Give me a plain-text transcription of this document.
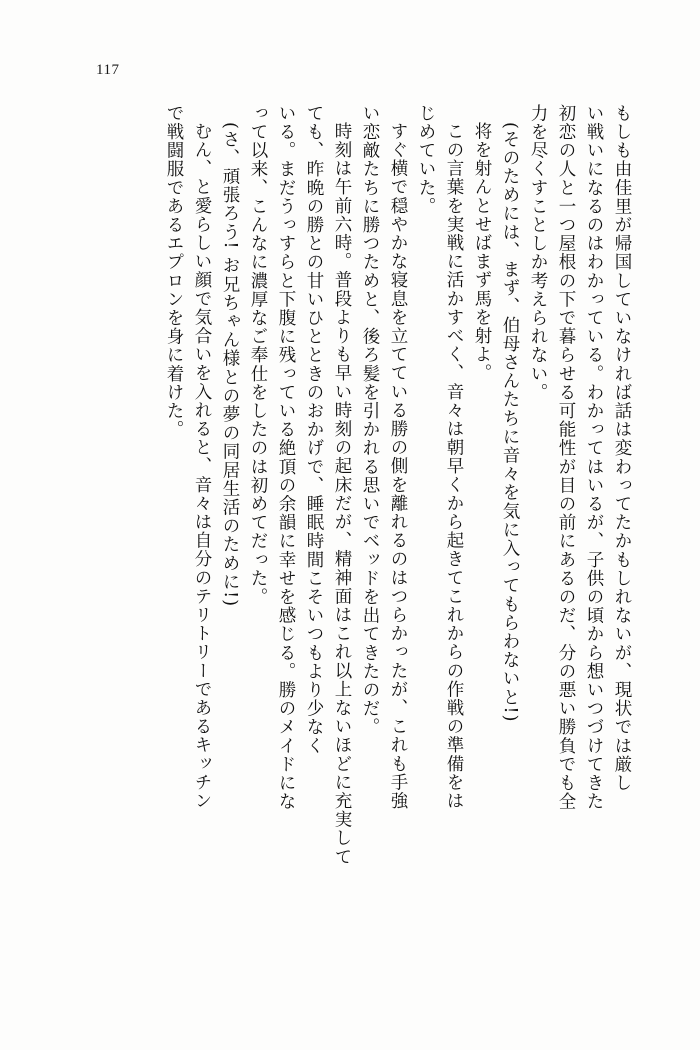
117
もしも由佳里が帰国していなければ話は変わってたかもしれないが、現状では厳し
い戦いになるのはわかっている。わかってはいるが、子供の頃から想いつづけてきた
初恋の人と一つ屋根の下で暮らせる可能性が目の前にあるのだ、分の悪い勝負でも全
力を尽くすことしか考えられない。
(そのためには、まず、伯母さんたちに音々を気に入ってもらわないと!)
将を射んとせばまず馬を射よ。
この言葉を実戦に活かすべく、音々は朝早くから起きてこれからの作戦の準備をは
じめていた。
すぐ横で穏やかな寝息を立てている勝の側を離れるのはつらかったが、これも手強
い恋敵たちに勝つためと、後ろ髪を引かれる思いでベッドを出てきたのだ。
時刻は午前六時。普段よりも早い時刻の起床だが、精神面はこれ以上ないほどに充実して
ても、昨晩の勝との甘いひとときのおかげで、睡眠時間こそいつもより少なく
いる。まだうっすらと下腹に残っている絶頂の余韻に幸せを感じる。勝のメイドにな
って以来、こんなに濃厚なご奉仕をしたのは初めてだった。
(さ、頑張ろう! お兄ちゃん様との夢の同居生活のために!)
むん、と愛らしい顔で気合いを入れると、音々は自分のテリトリーであるキッチン
で戦闘服であるエプロンを身に着けた。
